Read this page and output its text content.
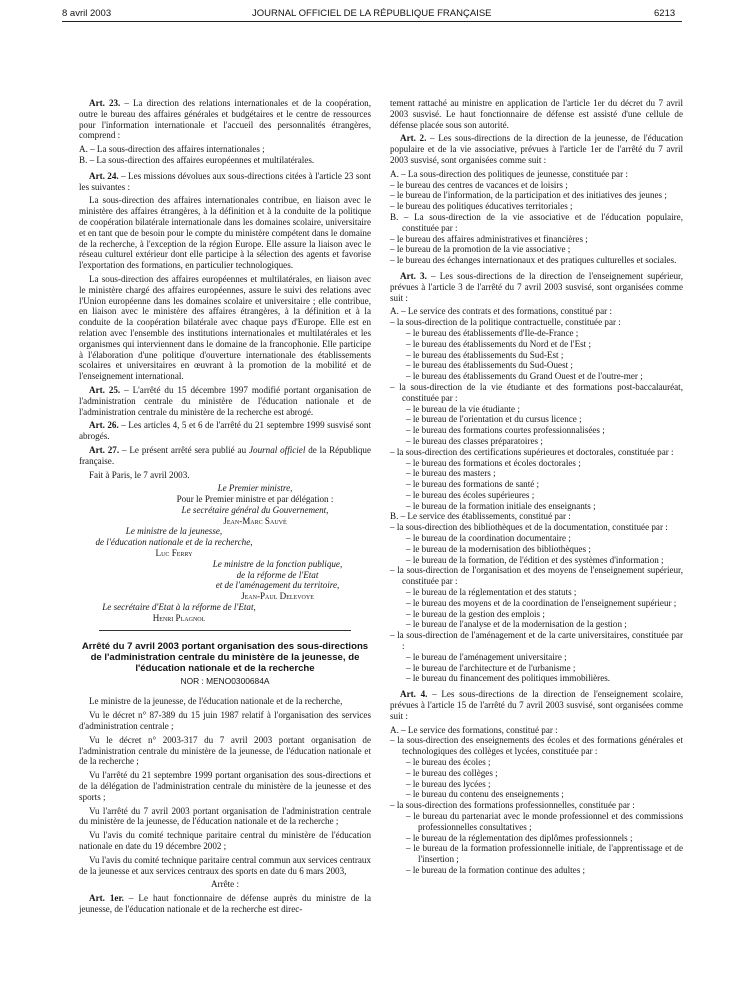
8 avril 2003	JOURNAL OFFICIEL DE LA RÉPUBLIQUE FRANÇAISE	6213

Art. 23. – La direction des relations internationales et de la coopération, outre le bureau des affaires générales et budgétaires et le centre de ressources pour l'information internationale et l'accueil des personnalités étrangères, comprend :

A. – La sous-direction des affaires internationales ;

B. – La sous-direction des affaires européennes et multilatérales.

Art. 24. – Les missions dévolues aux sous-directions citées à l'article 23 sont les suivantes :

La sous-direction des affaires internationales contribue, en liaison avec le ministère des affaires étrangères, à la définition et à la conduite de la politique de coopération bilatérale internationale dans les domaines scolaire, universitaire et en tant que de besoin pour le compte du ministère compétent dans le domaine de la recherche, à l'exception de la région Europe. Elle assure la liaison avec le réseau culturel extérieur dont elle participe à la sélection des agents et favorise l'exportation des formations, en particulier technologiques.

La sous-direction des affaires européennes et multilatérales, en liaison avec le ministère chargé des affaires européennes, assure le suivi des relations avec l'Union européenne dans les domaines scolaire et universitaire ; elle contribue, en liaison avec le ministère des affaires étrangères, à la définition et à la conduite de la coopération bilatérale avec chaque pays d'Europe. Elle est en relation avec l'ensemble des institutions internationales et multilatérales et les organismes qui interviennent dans le domaine de la francophonie. Elle participe à l'élaboration d'une politique d'ouverture internationale des établissements scolaires et universitaires en œuvrant à la promotion de la mobilité et de l'enseignement international.

Art. 25. – L'arrêté du 15 décembre 1997 modifié portant organisation de l'administration centrale du ministère de l'éducation nationale et de l'administration centrale du ministère de la recherche est abrogé.

Art. 26. – Les articles 4, 5 et 6 de l'arrêté du 21 septembre 1999 susvisé sont abrogés.

Art. 27. – Le présent arrêté sera publié au Journal officiel de la République française.

Fait à Paris, le 7 avril 2003.

Le Premier ministre,

Pour le Premier ministre et par délégation :

Le secrétaire général du Gouvernement,

Jean-Marc Sauvé

Le ministre de la jeunesse,

de l'éducation nationale et de la recherche,

Luc Ferry

Le ministre de la fonction publique,

de la réforme de l'Etat

et de l'aménagement du territoire,

Jean-Paul Delevoye

Le secrétaire d'Etat à la réforme de l'Etat,

Henri Plagnol

Arrêté du 7 avril 2003 portant organisation des sous-directions de l'administration centrale du ministère de la jeunesse, de l'éducation nationale et de la recherche

NOR : MENO0300684A

Le ministre de la jeunesse, de l'éducation nationale et de la recherche,

Vu le décret n° 87-389 du 15 juin 1987 relatif à l'organisation des services d'administration centrale ;

Vu le décret n° 2003-317 du 7 avril 2003 portant organisation de l'administration centrale du ministère de la jeunesse, de l'éducation nationale et de la recherche ;

Vu l'arrêté du 21 septembre 1999 portant organisation des sous-directions et de la délégation de l'administration centrale du ministère de la jeunesse et des sports ;

Vu l'arrêté du 7 avril 2003 portant organisation de l'administration centrale du ministère de la jeunesse, de l'éducation nationale et de la recherche ;

Vu l'avis du comité technique paritaire central du ministère de l'éducation nationale en date du 19 décembre 2002 ;

Vu l'avis du comité technique paritaire central commun aux services centraux de la jeunesse et aux services centraux des sports en date du 6 mars 2003,

Arrête :

Art. 1er. – Le haut fonctionnaire de défense auprès du ministre de la jeunesse, de l'éducation nationale et de la recherche est direc-

tement rattaché au ministre en application de l'article 1er du décret du 7 avril 2003 susvisé. Le haut fonctionnaire de défense est assisté d'une cellule de défense placée sous son autorité.

Art. 2. – Les sous-directions de la direction de la jeunesse, de l'éducation populaire et de la vie associative, prévues à l'article 1er de l'arrêté du 7 avril 2003 susvisé, sont organisées comme suit :

A. – La sous-direction des politiques de jeunesse, constituée par :

– le bureau des centres de vacances et de loisirs ;

– le bureau de l'information, de la participation et des initiatives des jeunes ;

– le bureau des politiques éducatives territoriales ;

B. – La sous-direction de la vie associative et de l'éducation populaire, constituée par :

– le bureau des affaires administratives et financières ;

– le bureau de la promotion de la vie associative ;

– le bureau des échanges internationaux et des pratiques culturelles et sociales.

Art. 3. – Les sous-directions de la direction de l'enseignement supérieur, prévues à l'article 3 de l'arrêté du 7 avril 2003 susvisé, sont organisées comme suit :

A. – Le service des contrats et des formations, constitué par :

– la sous-direction de la politique contractuelle, constituée par :

– le bureau des établissements d'Ile-de-France ;

– le bureau des établissements du Nord et de l'Est ;

– le bureau des établissements du Sud-Est ;

– le bureau des établissements du Sud-Ouest ;

– le bureau des établissements du Grand Ouest et de l'outre-mer ;

– la sous-direction de la vie étudiante et des formations post-baccalauréat, constituée par :

– le bureau de la vie étudiante ;

– le bureau de l'orientation et du cursus licence ;

– le bureau des formations courtes professionnalisées ;

– le bureau des classes préparatoires ;

– la sous-direction des certifications supérieures et doctorales, constituée par :

– le bureau des formations et écoles doctorales ;

– le bureau des masters ;

– le bureau des formations de santé ;

– le bureau des écoles supérieures ;

– le bureau de la formation initiale des enseignants ;

B. – Le service des établissements, constitué par :

– la sous-direction des bibliothèques et de la documentation, constituée par :

– le bureau de la coordination documentaire ;

– le bureau de la modernisation des bibliothèques ;

– le bureau de la formation, de l'édition et des systèmes d'information ;

– la sous-direction de l'organisation et des moyens de l'enseignement supérieur, constituée par :

– le bureau de la réglementation et des statuts ;

– le bureau des moyens et de la coordination de l'enseignement supérieur ;

– le bureau de la gestion des emplois ;

– le bureau de l'analyse et de la modernisation de la gestion ;

– la sous-direction de l'aménagement et de la carte universitaires, constituée par :

– le bureau de l'aménagement universitaire ;

– le bureau de l'architecture et de l'urbanisme ;

– le bureau du financement des politiques immobilières.

Art. 4. – Les sous-directions de la direction de l'enseignement scolaire, prévues à l'article 15 de l'arrêté du 7 avril 2003 susvisé, sont organisées comme suit :

A. – Le service des formations, constitué par :

– la sous-direction des enseignements des écoles et des formations générales et technologiques des collèges et lycées, constituée par :

– le bureau des écoles ;

– le bureau des collèges ;

– le bureau des lycées ;

– le bureau du contenu des enseignements ;

– la sous-direction des formations professionnelles, constituée par :

– le bureau du partenariat avec le monde professionnel et des commissions professionnelles consultatives ;

– le bureau de la réglementation des diplômes professionnels ;

– le bureau de la formation professionnelle initiale, de l'apprentissage et de l'insertion ;

– le bureau de la formation continue des adultes ;
